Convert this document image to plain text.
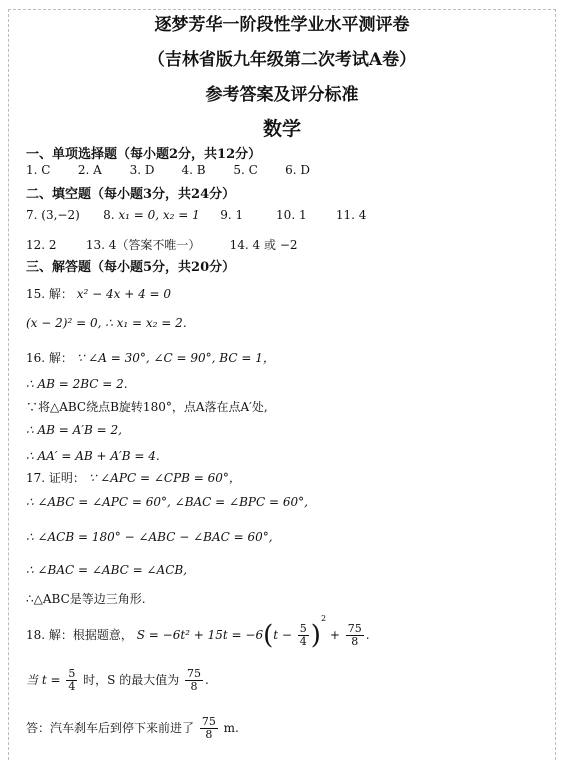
逐梦芳华一阶段性学业水平测评卷
（吉林省版九年级第二次考试A卷）
参考答案及评分标准
数学
一、单项选择题（每小题2分，共12分）
1. C 2. A 3. D 4. B 5. C 6. D
二、填空题（每小题3分，共24分）
7. (3,−2) 8. x₁ = 0, x₂ = 1 9. 1	10. 1 11. 4
12. 2 13. 4（答案不唯一） 14. 4 或 −2
三、解答题（每小题5分，共20分）
15. 解： x² − 4x + 4 = 0
(x − 2)² = 0, ∴ x₁ = x₂ = 2.
16. 解： ∵ ∠A = 30°, ∠C = 90°, BC = 1，
∴ AB = 2BC = 2.
∵将△ABC绕点B旋转180°，点A落在点A′处,
∴ AB = A′B = 2,
∴ AA′ = AB + A′B = 4.
17. 证明： ∵ ∠APC = ∠CPB = 60°，
∴ ∠ABC = ∠APC = 60°, ∠BAC = ∠BPC = 60°,
∴ ∠ACB = 180° − ∠ABC − ∠BAC = 60°,
∴ ∠BAC = ∠ABC = ∠ACB,
∴△ABC是等边三角形.
18. 解：根据题意， $S = -6t^2 + 15t = -6(t - \frac{5}{4} )^2 + \frac{75}{8}$ .
当 $t = \frac{5}{4}$ 时，S 的最大值为 $\frac{75}{8}$ .
答：汽车刹车后到停下来前进了 $\frac{75}{8} m$.
